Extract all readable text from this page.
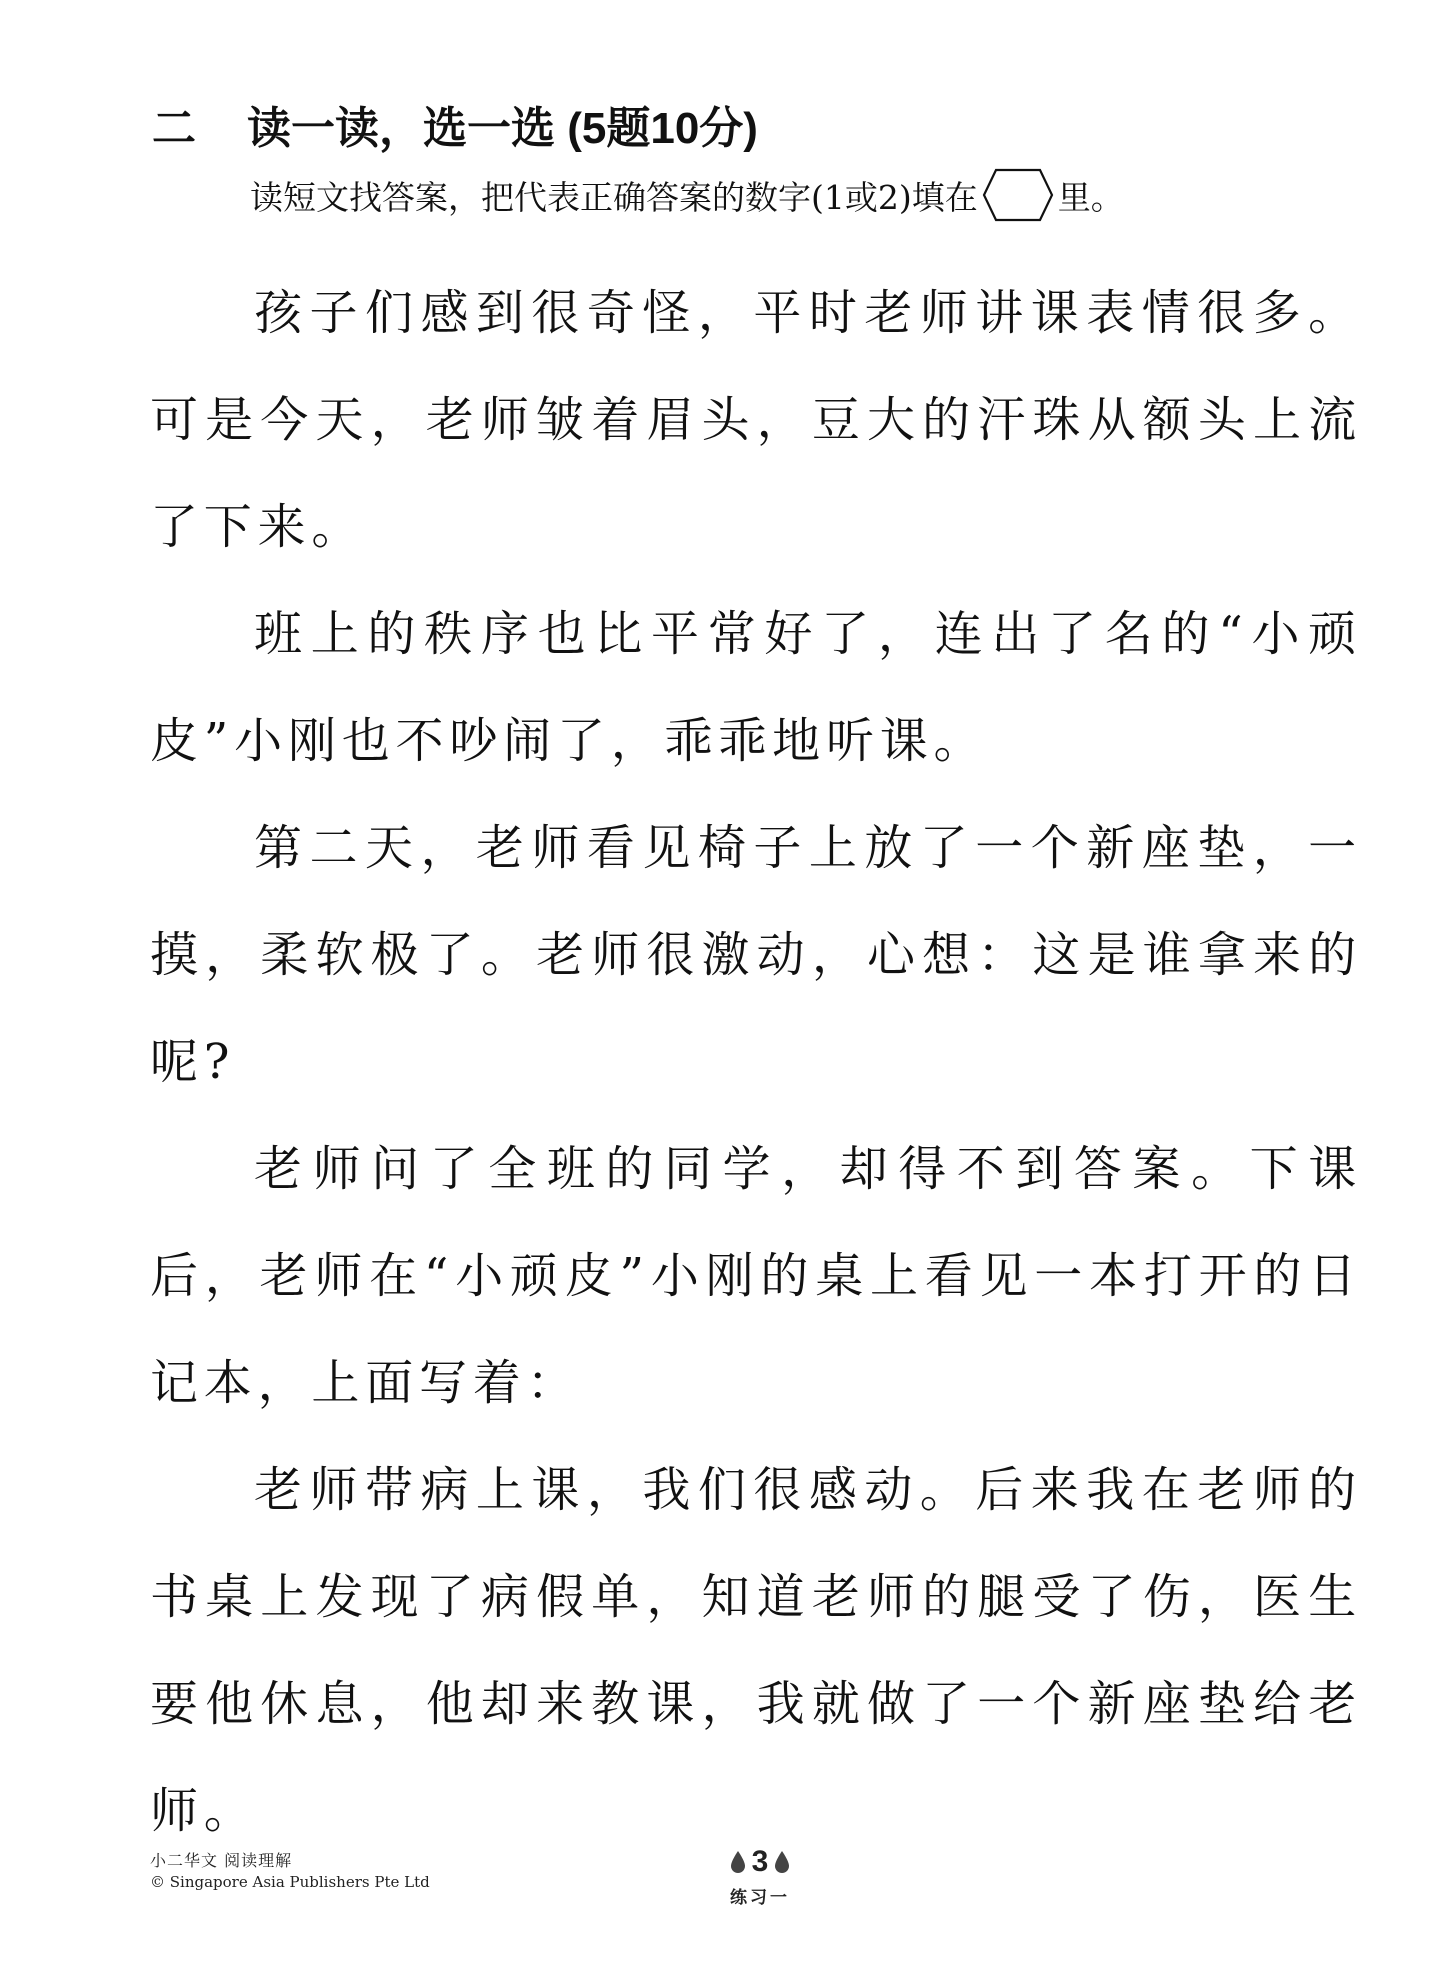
二	读一读，选一选 (5题10分)
读短文找答案，把代表正确答案的数字(1或2)填在 里。

孩子们感到很奇怪，平时老师讲课表情很多。可是今天，老师皱着眉头，豆大的汗珠从额头上流了下来。

班上的秩序也比平常好了，连出了名的“小顽皮”小刚也不吵闹了，乖乖地听课。

第二天，老师看见椅子上放了一个新座垫，一摸，柔软极了。老师很激动，心想：这是谁拿来的呢?

老师问了全班的同学，却得不到答案。下课后，老师在“小顽皮”小刚的桌上看见一本打开的日记本，上面写着：

老师带病上课，我们很感动。后来我在老师的书桌上发现了病假单，知道老师的腿受了伤，医生要他休息，他却来教课，我就做了一个新座垫给老师。

小二华文 阅读理解
© Singapore Asia Publishers Pte Ltd
3
练习一
